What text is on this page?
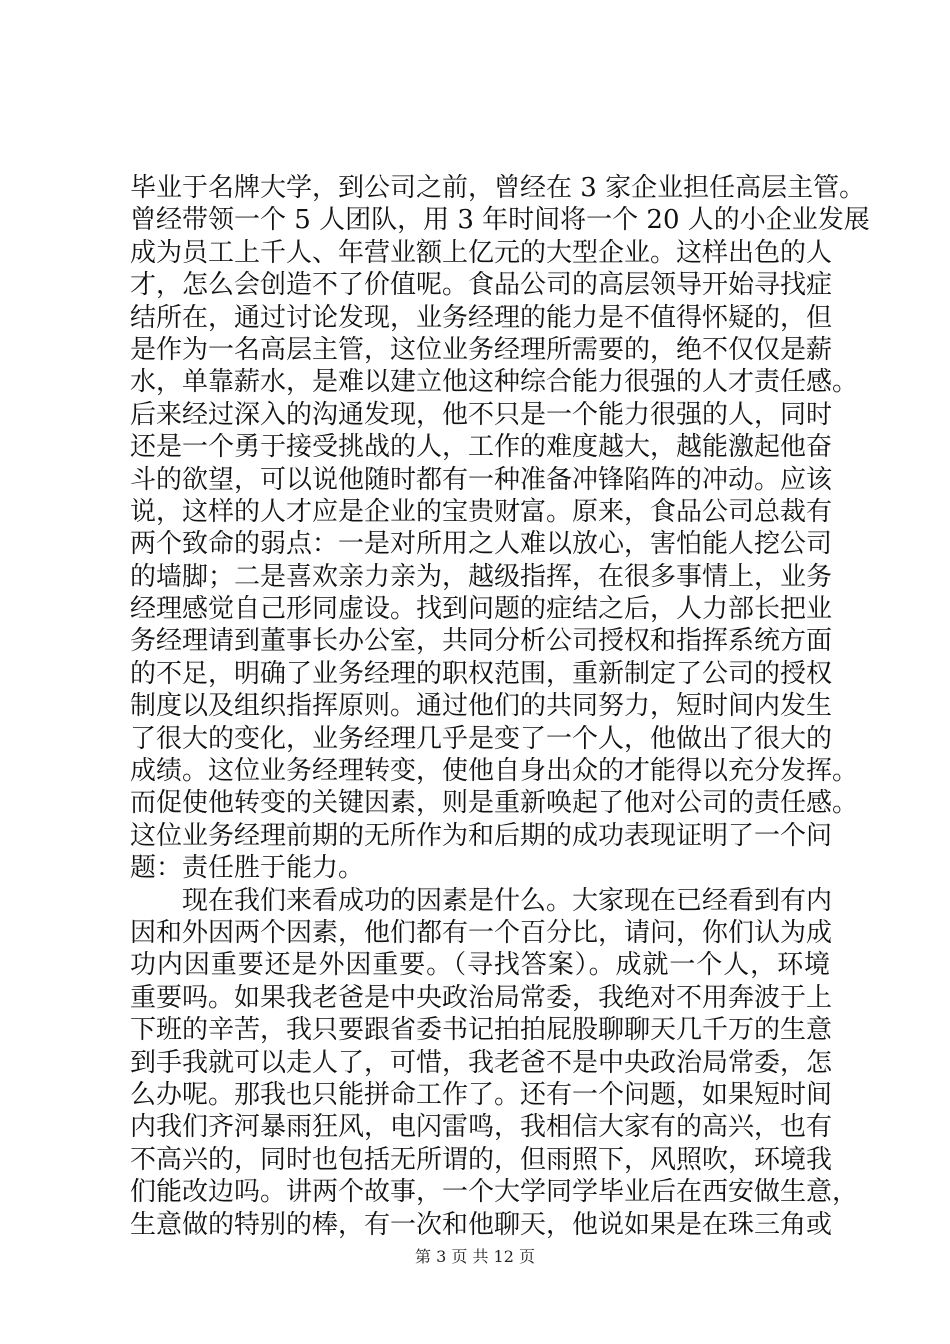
毕业于名牌大学，到公司之前，曾经在 3 家企业担任高层主管。
曾经带领一个 5 人团队，用 3 年时间将一个 20 人的小企业发展
成为员工上千人、年营业额上亿元的大型企业。这样出色的人
才，怎么会创造不了价值呢。食品公司的高层领导开始寻找症
结所在，通过讨论发现，业务经理的能力是不值得怀疑的，但
是作为一名高层主管，这位业务经理所需要的，绝不仅仅是薪
水，单靠薪水，是难以建立他这种综合能力很强的人才责任感。
后来经过深入的沟通发现，他不只是一个能力很强的人，同时
还是一个勇于接受挑战的人，工作的难度越大，越能激起他奋
斗的欲望，可以说他随时都有一种准备冲锋陷阵的冲动。应该
说，这样的人才应是企业的宝贵财富。原来，食品公司总裁有
两个致命的弱点：一是对所用之人难以放心，害怕能人挖公司
的墙脚；二是喜欢亲力亲为，越级指挥，在很多事情上，业务
经理感觉自己形同虚设。找到问题的症结之后，人力部长把业
务经理请到董事长办公室，共同分析公司授权和指挥系统方面
的不足，明确了业务经理的职权范围，重新制定了公司的授权
制度以及组织指挥原则。通过他们的共同努力，短时间内发生
了很大的变化，业务经理几乎是变了一个人，他做出了很大的
成绩。这位业务经理转变，使他自身出众的才能得以充分发挥。
而促使他转变的关键因素，则是重新唤起了他对公司的责任感。
这位业务经理前期的无所作为和后期的成功表现证明了一个问
题：责任胜于能力。
　　现在我们来看成功的因素是什么。大家现在已经看到有内
因和外因两个因素，他们都有一个百分比，请问，你们认为成
功内因重要还是外因重要。（寻找答案）。成就一个人，环境
重要吗。如果我老爸是中央政治局常委，我绝对不用奔波于上
下班的辛苦，我只要跟省委书记拍拍屁股聊聊天几千万的生意
到手我就可以走人了，可惜，我老爸不是中央政治局常委，怎
么办呢。那我也只能拼命工作了。还有一个问题，如果短时间
内我们齐河暴雨狂风，电闪雷鸣，我相信大家有的高兴，也有
不高兴的，同时也包括无所谓的，但雨照下，风照吹，环境我
们能改边吗。讲两个故事，一个大学同学毕业后在西安做生意，
生意做的特别的棒，有一次和他聊天，他说如果是在珠三角或
第 3 页 共 12 页
